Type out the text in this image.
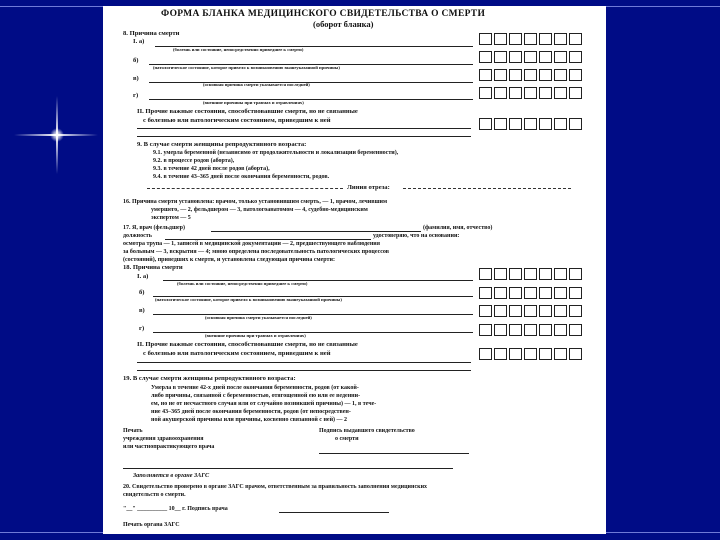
ФОРМА БЛАНКА МЕДИЦИНСКОГО СВИДЕТЕЛЬСТВА О СМЕРТИ
(оборот бланка)
8. Причина смерти
I. а)
(болезнь или состояние, непосредственно приведшее к смерти)
б)
(патологическое состояние, которое привело к возникновению вышеуказанной причины)
в)
(основная причина смерти указывается последней)
г)
(внешние причины при травмах и отравлениях)
II. Прочие важные состояния, способствовавшие смерти, но не связанные
с болезнью или патологическим состоянием, приведшим к ней
9. В случае смерти женщины репродуктивного возраста:
9.1. умерла беременной (независимо от продолжительности и локализации беременности),
9.2. в процессе родов (аборта),
9.3. в течение 42 дней после родов (аборта),
9.4. в течение 43–365 дней после окончания беременности, родов.
Линия отреза:
16. Причина смерти установлена: врачом, только установившим смерть, — 1, врачом, лечившим
умершего, — 2, фельдшером — 3, патологоанатомом — 4, судебно-медицинским
экспертом — 5
17. Я, врач (фельдшер)	(фамилия, имя, отчество)
должность	удостоверяю, что на основании:
осмотра трупа — 1, записей в медицинской документации — 2, предшествующего наблюдения
за больным — 3, вскрытия — 4; мною определена последовательность патологических процессов
(состояний), приведших к смерти, и установлена следующая причина смерти:
18. Причина смерти
I. а)
(болезнь или состояние, непосредственно приведшее к смерти)
б)
(патологическое состояние, которое привело к возникновению вышеуказанной причины)
в)
(основная причина смерти указывается последней)
г)
(внешние причины при травмах и отравлениях)
II. Прочие важные состояния, способствовавшие смерти, но не связанные
с болезнью или патологическим состоянием, приведшим к ней
19. В случае смерти женщины репродуктивного возраста:
Умерла в течение 42-х дней после окончания беременности, родов (от какой-
либо причины, связанной с беременностью, отягощенной ею или ее веденни-
ем, но не от несчастного случая или от случайно возникшей причины) — 1, в тече-
ние 43–365 дней после окончания беременности, родов (от непосредствен-
ной акушерской причины или причины, косвенно связанной с ней) — 2
Печать
учреждения здравоохранения
или частнопрактикующего врача
Подпись выдавшего свидетельство
о смерти
Заполняется в органе ЗАГС
20. Свидетельство проверено в органе ЗАГС врачом, ответственным за правильность заполнения медицинских
свидетельств о смерти.
"__" __________ 10__ г. Подпись врача
Печать органа ЗАГС
